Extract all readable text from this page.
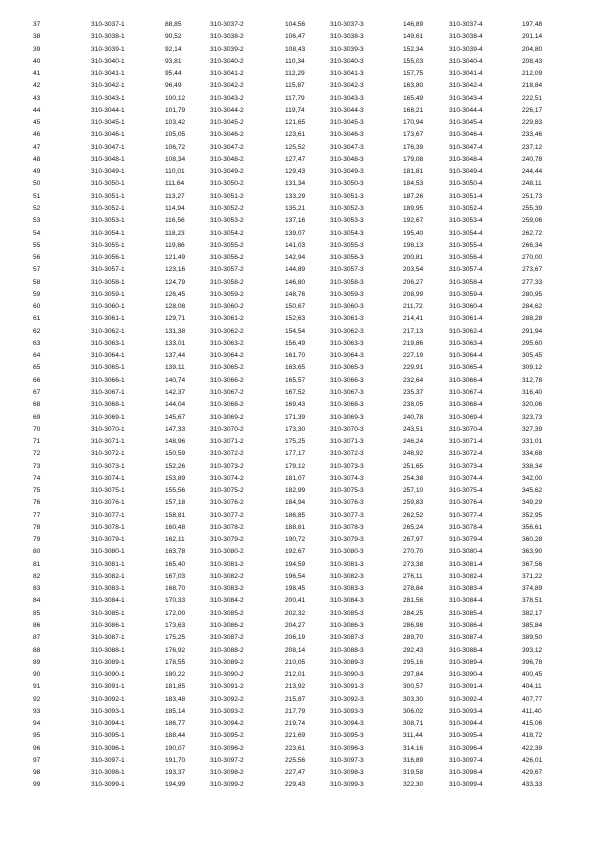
37	310-3037-1	88,85	310-3037-2	104,56	310-3037-3	146,89	310-3037-4	197,48
38	310-3038-1	90,52	310-3038-2	106,47	310-3038-3	149,61	310-3038-4	201,14
39	310-3039-1	92,14	310-3039-2	108,43	310-3039-3	152,34	310-3039-4	204,80
40	310-3040-1	93,81	310-3040-2	110,34	310-3040-3	155,03	310-3040-4	208,43
41	310-3041-1	95,44	310-3041-2	112,29	310-3041-3	157,75	310-3041-4	212,09
42	310-3042-1	96,49	310-3042-2	115,87	310-3042-3	163,80	310-3042-4	218,84
43	310-3043-1	100,12	310-3043-2	117,79	310-3043-3	165,49	310-3043-4	222,51
44	310-3044-1	101,79	310-3044-2	119,74	310-3044-3	168,21	310-3044-4	226,17
45	310-3045-1	103,42	310-3045-2	121,65	310-3045-3	170,94	310-3045-4	229,83
46	310-3046-1	105,05	310-3046-2	123,61	310-3046-3	173,67	310-3046-4	233,46
47	310-3047-1	106,72	310-3047-2	125,52	310-3047-3	176,39	310-3047-4	237,12
48	310-3048-1	108,34	310-3048-2	127,47	310-3048-3	179,08	310-3048-4	240,78
49	310-3049-1	110,01	310-3049-2	129,43	310-3049-3	181,81	310-3049-4	244,44
50	310-3050-1	111,64	310-3050-2	131,34	310-3050-3	184,53	310-3050-4	248,11
51	310-3051-1	113,27	310-3051-2	133,29	310-3051-3	187,26	310-3051-4	251,73
52	310-3052-1	114,94	310-3052-2	135,21	310-3052-3	189,95	310-3052-4	255,39
53	310-3053-1	116,56	310-3053-2	137,16	310-3053-3	192,67	310-3053-4	259,06
54	310-3054-1	118,23	310-3054-2	139,07	310-3054-3	195,40	310-3054-4	262,72
55	310-3055-1	119,86	310-3055-2	141,03	310-3055-3	198,13	310-3055-4	266,34
56	310-3056-1	121,49	310-3056-2	142,94	310-3056-3	200,81	310-3056-4	270,00
57	310-3057-1	123,16	310-3057-2	144,89	310-3057-3	203,54	310-3057-4	273,67
58	310-3058-1	124,79	310-3058-2	146,80	310-3058-3	206,27	310-3058-4	277,33
59	310-3059-1	126,45	310-3059-2	148,76	310-3059-3	208,99	310-3059-4	280,95
60	310-3060-1	128,08	310-3060-2	150,67	310-3060-3	211,72	310-3060-4	284,62
61	310-3061-1	129,71	310-3061-2	152,63	310-3061-3	214,41	310-3061-4	288,28
62	310-3062-1	131,38	310-3062-2	154,54	310-3062-3	217,13	310-3062-4	291,94
63	310-3063-1	133,01	310-3063-2	156,49	310-3063-3	219,86	310-3063-4	295,60
64	310-3064-1	137,44	310-3064-2	161,70	310-3064-3	227,19	310-3064-4	305,45
65	310-3065-1	139,11	310-3065-2	163,65	310-3065-3	229,91	310-3065-4	309,12
66	310-3066-1	140,74	310-3066-2	165,57	310-3066-3	232,64	310-3066-4	312,78
67	310-3067-1	142,37	310-3067-2	167,52	310-3067-3	235,37	310-3067-4	316,40
68	310-3068-1	144,04	310-3068-2	169,43	310-3068-3	238,05	310-3068-4	320,06
69	310-3069-1	145,67	310-3069-2	171,39	310-3069-3	240,78	310-3069-4	323,73
70	310-3070-1	147,33	310-3070-2	173,30	310-3070-3	243,51	310-3070-4	327,39
71	310-3071-1	148,96	310-3071-2	175,25	310-3071-3	246,24	310-3071-4	331,01
72	310-3072-1	150,59	310-3072-2	177,17	310-3072-3	248,92	310-3072-4	334,68
73	310-3073-1	152,26	310-3073-2	179,12	310-3073-3	251,65	310-3073-4	338,34
74	310-3074-1	153,89	310-3074-2	181,07	310-3074-3	254,38	310-3074-4	342,00
75	310-3075-1	155,56	310-3075-2	182,99	310-3075-3	257,10	310-3075-4	345,62
76	310-3076-1	157,18	310-3076-2	184,94	310-3076-3	259,83	310-3076-4	349,29
77	310-3077-1	158,81	310-3077-2	186,85	310-3077-3	262,52	310-3077-4	352,95
78	310-3078-1	160,48	310-3078-2	188,81	310-3078-3	265,24	310-3078-4	356,61
79	310-3079-1	162,11	310-3079-2	190,72	310-3079-3	267,97	310-3079-4	360,28
80	310-3080-1	163,78	310-3080-2	192,67	310-3080-3	270,70	310-3080-4	363,90
81	310-3081-1	165,40	310-3081-2	194,59	310-3081-3	273,38	310-3081-4	367,56
82	310-3082-1	167,03	310-3082-2	196,54	310-3082-3	276,11	310-3082-4	371,22
83	310-3083-1	168,70	310-3083-2	198,45	310-3083-3	278,84	310-3083-4	374,89
84	310-3084-1	170,33	310-3084-2	200,41	310-3084-3	281,56	310-3084-4	378,51
85	310-3085-1	172,00	310-3085-2	202,32	310-3085-3	284,25	310-3085-4	382,17
86	310-3086-1	173,63	310-3086-2	204,27	310-3086-3	286,98	310-3086-4	385,84
87	310-3087-1	175,25	310-3087-2	206,19	310-3087-3	289,70	310-3087-4	389,50
88	310-3088-1	176,92	310-3088-2	208,14	310-3088-3	292,43	310-3088-4	393,12
89	310-3089-1	178,55	310-3089-2	210,05	310-3089-3	295,16	310-3089-4	396,78
90	310-3090-1	180,22	310-3090-2	212,01	310-3090-3	297,84	310-3090-4	400,45
91	310-3091-1	181,85	310-3091-2	213,92	310-3091-3	300,57	310-3091-4	404,11
92	310-3092-1	183,48	310-3092-2	215,87	310-3092-3	303,30	310-3092-4	407,77
93	310-3093-1	185,14	310-3093-2	217,79	310-3093-3	306,02	310-3093-4	411,40
94	310-3094-1	186,77	310-3094-2	219,74	310-3094-3	308,71	310-3094-4	415,06
95	310-3095-1	188,44	310-3095-2	221,69	310-3095-3	311,44	310-3095-4	418,72
96	310-3096-1	190,07	310-3096-2	223,61	310-3096-3	314,16	310-3096-4	422,39
97	310-3097-1	191,70	310-3097-2	225,56	310-3097-3	316,89	310-3097-4	426,01
98	310-3098-1	193,37	310-3098-2	227,47	310-3098-3	319,58	310-3098-4	429,67
99	310-3099-1	194,99	310-3099-2	229,43	310-3099-3	322,30	310-3099-4	433,33
